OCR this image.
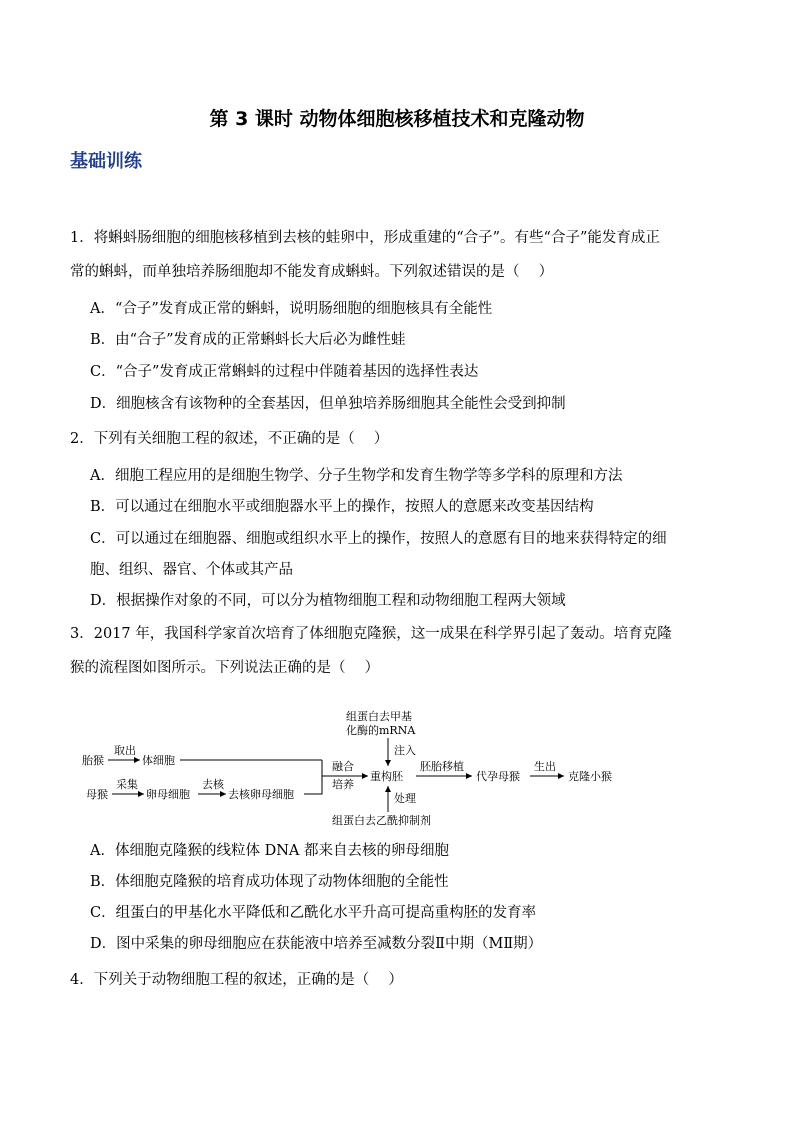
第 3 课时 动物体细胞核移植技术和克隆动物
基础训练
1．将蝌蚪肠细胞的细胞核移植到去核的蛙卵中，形成重建的“合子”。有些“合子”能发育成正
常的蝌蚪，而单独培养肠细胞却不能发育成蝌蚪。下列叙述错误的是（　 ）
A．“合子”发育成正常的蝌蚪，说明肠细胞的细胞核具有全能性
B．由“合子”发育成的正常蝌蚪长大后必为雌性蛙
C．“合子”发育成正常蝌蚪的过程中伴随着基因的选择性表达
D．细胞核含有该物种的全套基因，但单独培养肠细胞其全能性会受到抑制
2．下列有关细胞工程的叙述，不正确的是（　 ）
A．细胞工程应用的是细胞生物学、分子生物学和发育生物学等多学科的原理和方法
B．可以通过在细胞水平或细胞器水平上的操作，按照人的意愿来改变基因结构
C．可以通过在细胞器、细胞或组织水平上的操作，按照人的意愿有目的地来获得特定的细
胞、组织、器官、个体或其产品
D．根据操作对象的不同，可以分为植物细胞工程和动物细胞工程两大领域
3．2017 年，我国科学家首次培育了体细胞克隆猴，这一成果在科学界引起了轰动。培育克隆
猴的流程图如图所示。下列说法正确的是（　 ）
胎猴
取出
体细胞
母猴
采集
卵母细胞
去核
去核卵母细胞
融合
培养
重构胚
组蛋白去甲基
化酶的mRNA
注入
处理
组蛋白去乙酰抑制剂
胚胎移植
代孕母猴
生出
克隆小猴
A．体细胞克隆猴的线粒体 DNA 都来自去核的卵母细胞
B．体细胞克隆猴的培育成功体现了动物体细胞的全能性
C．组蛋白的甲基化水平降低和乙酰化水平升高可提高重构胚的发育率
D．图中采集的卵母细胞应在获能液中培养至减数分裂Ⅱ中期（MⅡ期）
4．下列关于动物细胞工程的叙述，正确的是（　 ）
